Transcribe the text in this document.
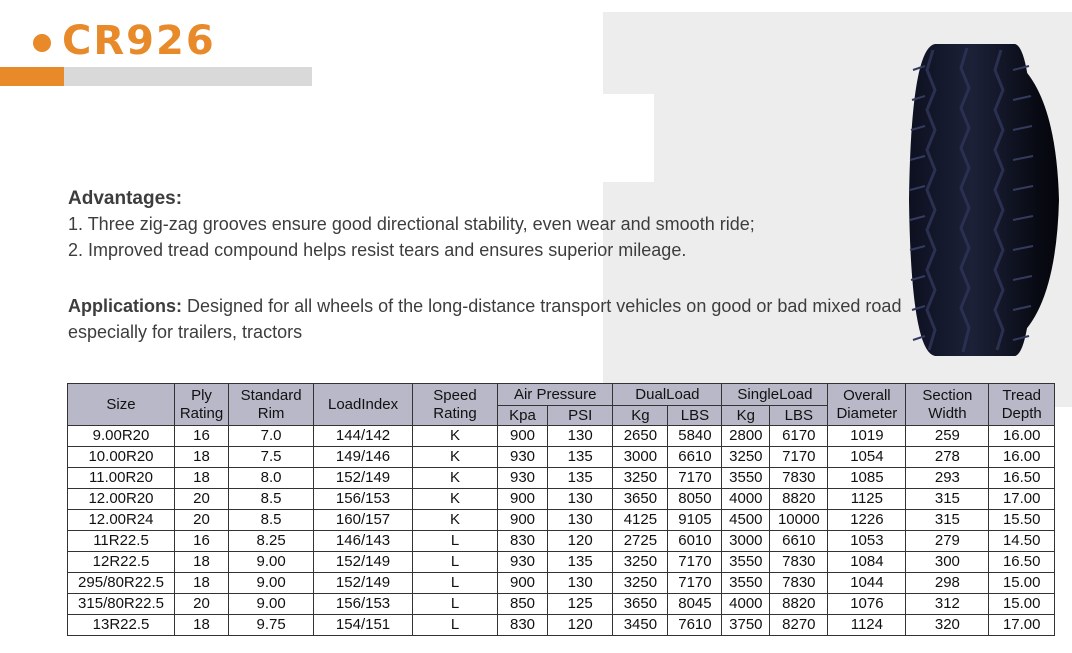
CR926
Advantages:
1. Three zig-zag grooves ensure good directional stability, even wear and smooth ride;
2. Improved tread compound helps resist tears and ensures superior mileage.
Applications: Designed for all wheels of the long-distance transport vehicles on good or bad mixed road especially for trailers, tractors
Size	Ply Rating	Standard Rim	LoadIndex	Speed Rating	Air Pressure		DualLoad		SingleLoad		Overall Diameter	Section Width	Tread Depth
					Kpa	PSI	Kg	LBS	Kg	LBS			
9.00R20	16	7.0	144/142	K	900	130	2650	5840	2800	6170	1019	259	16.00
10.00R20	18	7.5	149/146	K	930	135	3000	6610	3250	7170	1054	278	16.00
11.00R20	18	8.0	152/149	K	930	135	3250	7170	3550	7830	1085	293	16.50
12.00R20	20	8.5	156/153	K	900	130	3650	8050	4000	8820	1125	315	17.00
12.00R24	20	8.5	160/157	K	900	130	4125	9105	4500	10000	1226	315	15.50
11R22.5	16	8.25	146/143	L	830	120	2725	6010	3000	6610	1053	279	14.50
12R22.5	18	9.00	152/149	L	930	135	3250	7170	3550	7830	1084	300	16.50
295/80R22.5	18	9.00	152/149	L	900	130	3250	7170	3550	7830	1044	298	15.00
315/80R22.5	20	9.00	156/153	L	850	125	3650	8045	4000	8820	1076	312	15.00
13R22.5	18	9.75	154/151	L	830	120	3450	7610	3750	8270	1124	320	17.00
